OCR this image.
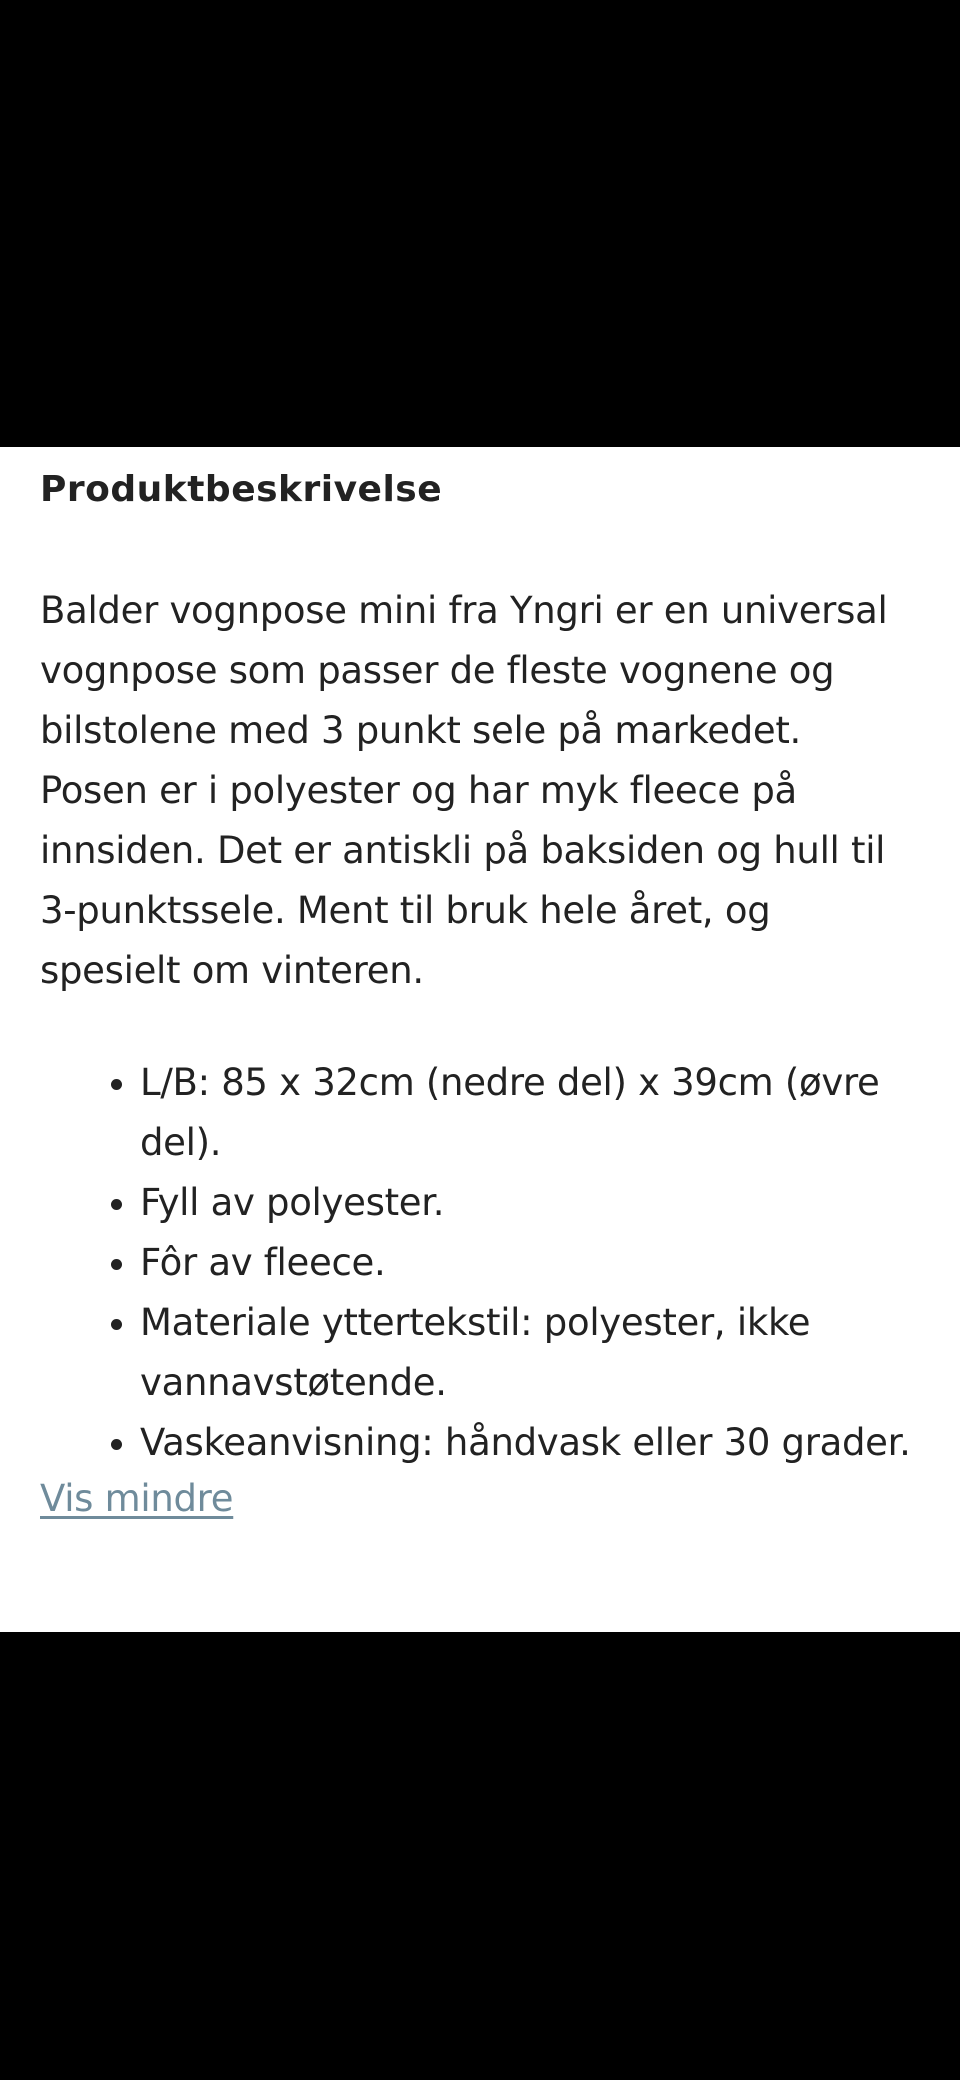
Produktbeskrivelse

Balder vognpose mini fra Yngri er en universal vognpose som passer de fleste vognene og bilstolene med 3 punkt sele på markedet. Posen er i polyester og har myk fleece på innsiden. Det er antiskli på baksiden og hull til 3-punktssele. Ment til bruk hele året, og spesielt om vinteren.

• L/B: 85 x 32cm (nedre del) x 39cm (øvre del).
• Fyll av polyester.
• Fôr av fleece.
• Materiale yttertekstil: polyester, ikke vannavstøtende.
• Vaskeanvisning: håndvask eller 30 grader.
Vis mindre
